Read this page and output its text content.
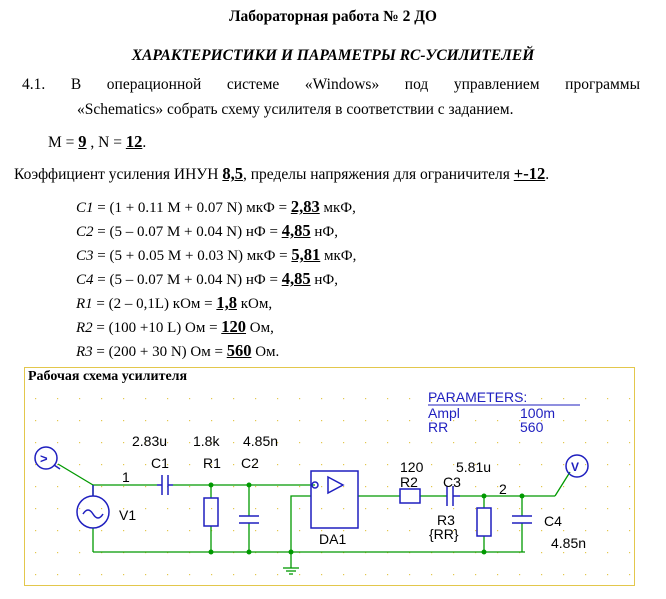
Лабораторная работа № 2 ДО
ХАРАКТЕРИСТИКИ И ПАРАМЕТРЫ RC-УСИЛИТЕЛЕЙ
4.1. В операционной системе «Windows» под управлением программы
«Schematics» собрать схему усилителя в соответствии с заданием.
M = 9 , N = 12.
Коэффициент усиления ИНУН 8,5, пределы напряжения для ограничителя +-12.
C1 = (1 + 0.11 M + 0.07 N) мкФ = 2,83 мкФ,
C2 = (5 – 0.07 M + 0.04 N) нФ = 4,85 нФ,
C3 = (5 + 0.05 M + 0.03 N) мкФ = 5,81 мкФ,
C4 = (5 – 0.07 M + 0.04 N) нФ = 4,85 нФ,
R1 = (2 – 0,1L) кОм = 1,8 кОм,
R2 = (100 +10 L) Ом = 120 Ом,
R3 = (200 + 30 N) Ом = 560 Ом.
Рабочая схема усилителя
PARAMETERS:
Ampl	100m
RR	560
>
V
2.83u 1.8k 4.85n
C1 R1 C2
1
V1
DA1
120 5.81u
R2 C3	2
R3
{RR}
C4
4.85n
